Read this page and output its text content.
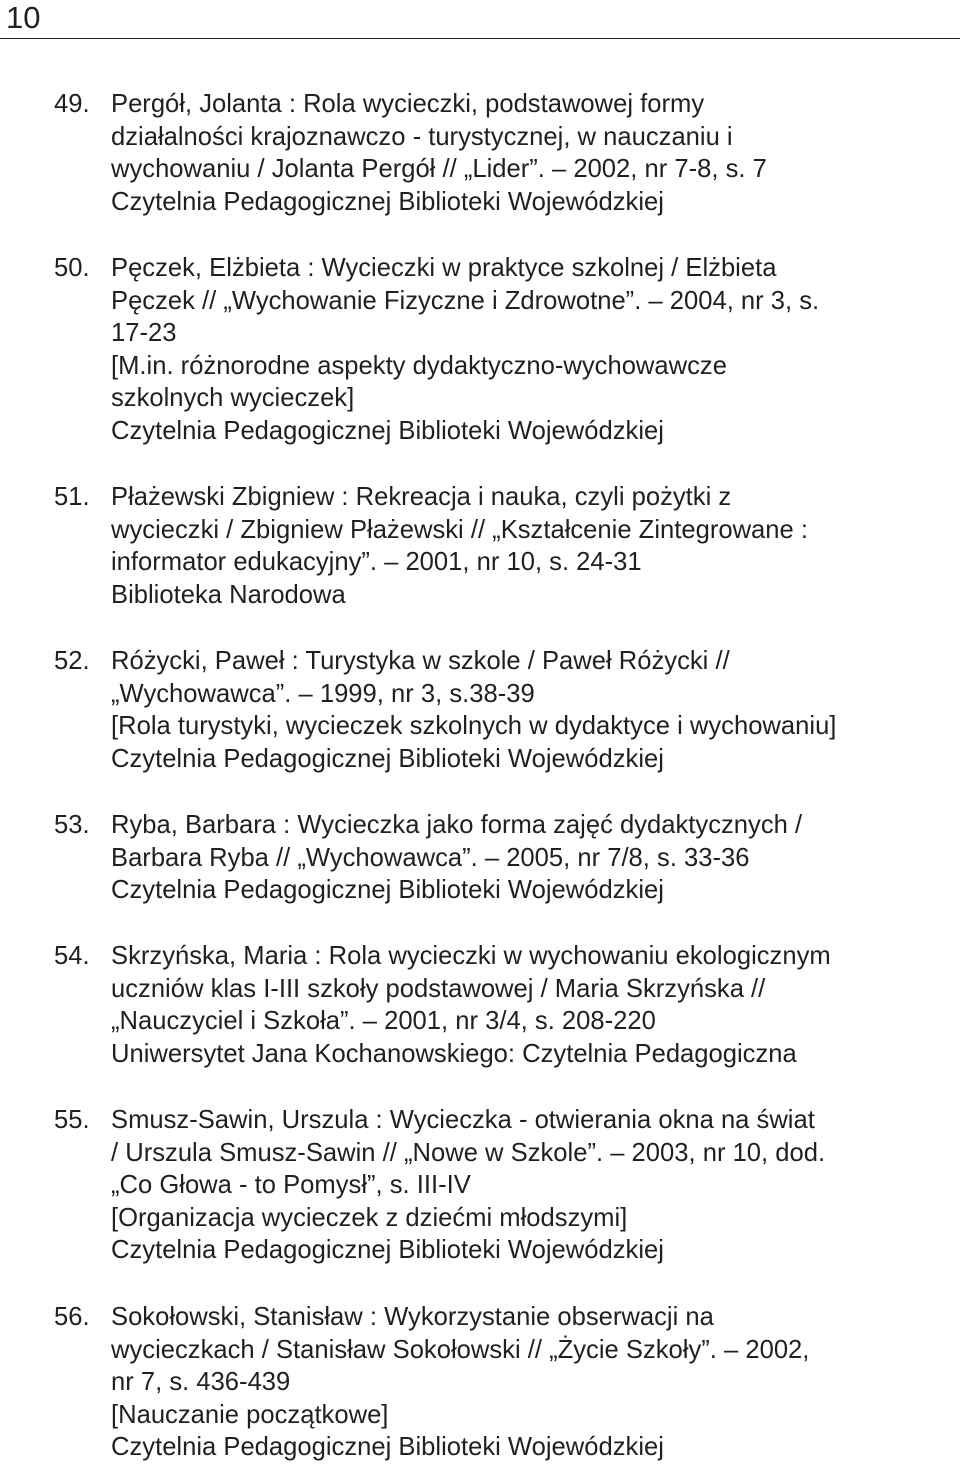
10
49. Pergół, Jolanta : Rola wycieczki, podstawowej formy
działalności krajoznawczo - turystycznej, w nauczaniu i
wychowaniu / Jolanta Pergół // „Lider”. – 2002, nr 7-8, s. 7
Czytelnia Pedagogicznej Biblioteki Wojewódzkiej
50. Pęczek, Elżbieta : Wycieczki w praktyce szkolnej / Elżbieta
Pęczek // „Wychowanie Fizyczne i Zdrowotne”. – 2004, nr 3, s.
17-23
[M.in. różnorodne aspekty dydaktyczno-wychowawcze
szkolnych wycieczek]
Czytelnia Pedagogicznej Biblioteki Wojewódzkiej
51. Płażewski Zbigniew : Rekreacja i nauka, czyli pożytki z
wycieczki / Zbigniew Płażewski // „Kształcenie Zintegrowane :
informator edukacyjny”. – 2001, nr 10, s. 24-31
Biblioteka Narodowa
52. Różycki, Paweł : Turystyka w szkole / Paweł Różycki //
„Wychowawca”. – 1999, nr 3, s.38-39
[Rola turystyki, wycieczek szkolnych w dydaktyce i wychowaniu]
Czytelnia Pedagogicznej Biblioteki Wojewódzkiej
53. Ryba, Barbara : Wycieczka jako forma zajęć dydaktycznych /
Barbara Ryba // „Wychowawca”. – 2005, nr 7/8, s. 33-36
Czytelnia Pedagogicznej Biblioteki Wojewódzkiej
54. Skrzyńska, Maria : Rola wycieczki w wychowaniu ekologicznym
uczniów klas I-III szkoły podstawowej / Maria Skrzyńska //
„Nauczyciel i Szkoła”. – 2001, nr 3/4, s. 208-220
Uniwersytet Jana Kochanowskiego: Czytelnia Pedagogiczna
55. Smusz-Sawin, Urszula : Wycieczka - otwierania okna na świat
/ Urszula Smusz-Sawin // „Nowe w Szkole”. – 2003, nr 10, dod.
„Co Głowa - to Pomysł”, s. III-IV
[Organizacja wycieczek z dziećmi młodszymi]
Czytelnia Pedagogicznej Biblioteki Wojewódzkiej
56. Sokołowski, Stanisław : Wykorzystanie obserwacji na
wycieczkach / Stanisław Sokołowski // „Życie Szkoły”. – 2002,
nr 7, s. 436-439
[Nauczanie początkowe]
Czytelnia Pedagogicznej Biblioteki Wojewódzkiej
